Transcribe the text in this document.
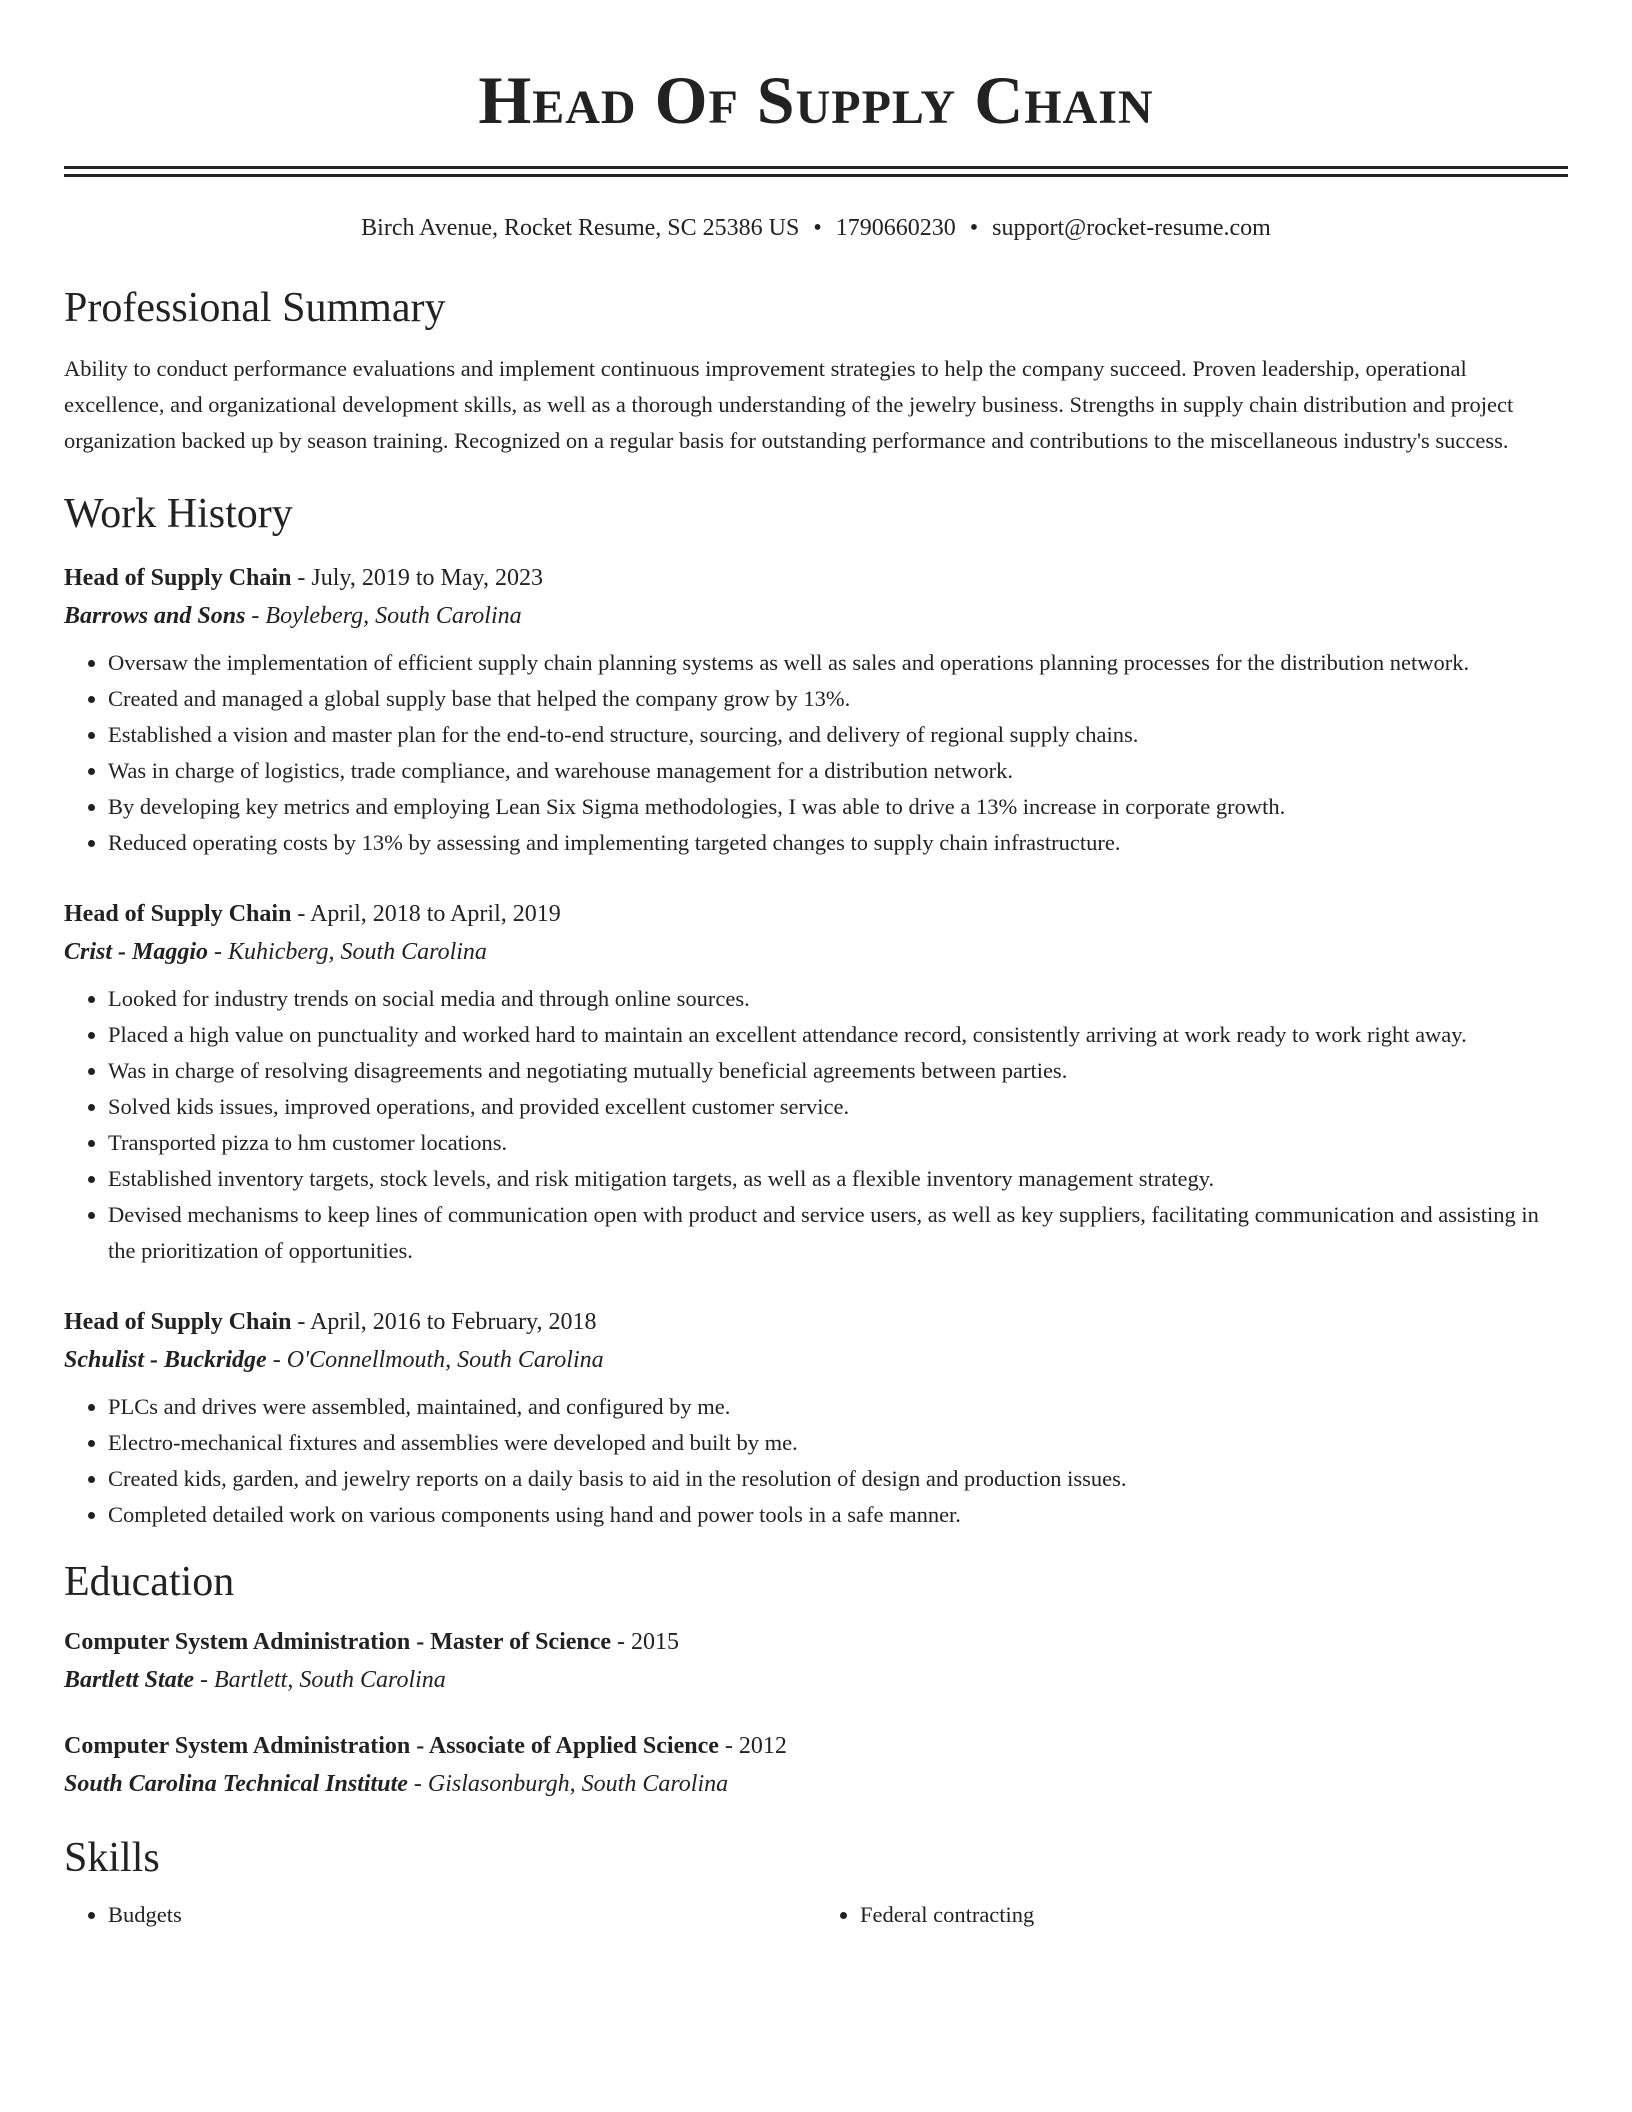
Head Of Supply Chain
Birch Avenue, Rocket Resume, SC 25386 US • 1790660230 • support@rocket-resume.com
Professional Summary

Ability to conduct performance evaluations and implement continuous improvement strategies to help the company succeed. Proven leadership, operational excellence, and organizational development skills, as well as a thorough understanding of the jewelry business. Strengths in supply chain distribution and project organization backed up by season training. Recognized on a regular basis for outstanding performance and contributions to the miscellaneous industry's success.

Work History
Head of Supply Chain - July, 2019 to May, 2023
Barrows and Sons - Boyleberg, South Carolina
• Oversaw the implementation of efficient supply chain planning systems as well as sales and operations planning processes for the distribution network.
• Created and managed a global supply base that helped the company grow by 13%.
• Established a vision and master plan for the end-to-end structure, sourcing, and delivery of regional supply chains.
• Was in charge of logistics, trade compliance, and warehouse management for a distribution network.
• By developing key metrics and employing Lean Six Sigma methodologies, I was able to drive a 13% increase in corporate growth.
• Reduced operating costs by 13% by assessing and implementing targeted changes to supply chain infrastructure.
Head of Supply Chain - April, 2018 to April, 2019
Crist - Maggio - Kuhicberg, South Carolina
• Looked for industry trends on social media and through online sources.
• Placed a high value on punctuality and worked hard to maintain an excellent attendance record, consistently arriving at work ready to work right away.
• Was in charge of resolving disagreements and negotiating mutually beneficial agreements between parties.
• Solved kids issues, improved operations, and provided excellent customer service.
• Transported pizza to hm customer locations.
• Established inventory targets, stock levels, and risk mitigation targets, as well as a flexible inventory management strategy.
• Devised mechanisms to keep lines of communication open with product and service users, as well as key suppliers, facilitating communication and assisting in the prioritization of opportunities.
Head of Supply Chain - April, 2016 to February, 2018
Schulist - Buckridge - O'Connellmouth, South Carolina
• PLCs and drives were assembled, maintained, and configured by me.
• Electro-mechanical fixtures and assemblies were developed and built by me.
• Created kids, garden, and jewelry reports on a daily basis to aid in the resolution of design and production issues.
• Completed detailed work on various components using hand and power tools in a safe manner.
Education
Computer System Administration - Master of Science - 2015
Bartlett State - Bartlett, South Carolina
Computer System Administration - Associate of Applied Science - 2012
South Carolina Technical Institute - Gislasonburgh, South Carolina
Skills
• Budgets
•	Federal contracting
